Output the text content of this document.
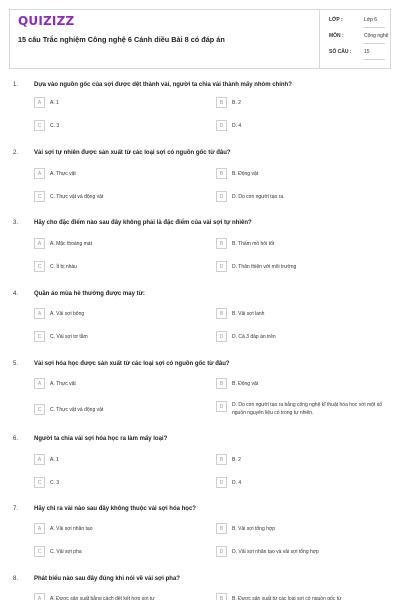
QUIZIZZ
15 câu Trắc nghiệm Công nghệ 6 Cánh diều Bài 8 có đáp án
LỚP :	Lớp 6
MÔN :	Công nghệ
SỐ CÂU :	15
1.	Dựa vào nguồn gốc của sợi được dệt thành vải, người ta chia vải thành mấy nhóm chính?
A	A. 1	B	B. 2
C	C. 3	D	D. 4
2.	Vải sợi tự nhiên được sản xuất từ các loại sợi có nguồn gốc từ đâu?
A	A. Thực vật	B	B. Động vật
C	C. Thực vật và động vật	D	D. Do con người tạo ra.
3.	Hãy cho đặc điểm nào sau đây không phải là đặc điểm của vải sợi tự nhiên?
A	A. Mặc thoáng mát	B	B. Thấm mồ hôi tốt
C	C. Ít bị nhàu	D	D. Thân thiện với môi trường
4.	Quần áo mùa hè thường được may từ:
A	A. Vải sợi bông	B	B. Vải sợi lanh
C	C. Vải sợi tơ tằm	D	D. Cả 3 đáp án trên
5.	Vải sợi hóa học được sản xuất từ các loại sợi có nguồn gốc từ đâu?
A	A. Thực vật	B	B. Động vật
C	C. Thực vật và động vật
D	D. Do con người tạo ra bằng công nghệ kĩ thuật hóa học với một số nguồn nguyên liệu có trong tự nhiên.
6.	Người ta chia vải sợi hóa học ra làm mấy loại?
A	A. 1	B	B. 2
C	C. 3	D	D. 4
7.	Hãy chỉ ra vải nào sau đây không thuộc vải sợi hóa học?
A	A. Vải sợi nhân tạo	B	B. Vải sợi tổng hợp
C	C. Vải sợi pha	D	D. Vải sợi nhân tạo và vải sợi tổng hợp
8.	Phát biểu nào sau đây đúng khi nói về vải sợi pha?
A	A. Được sản xuất bằng cách dệt kết hợp sợi tự	B	B. Được sản xuất từ các loại sợi có nguồn gốc từ
